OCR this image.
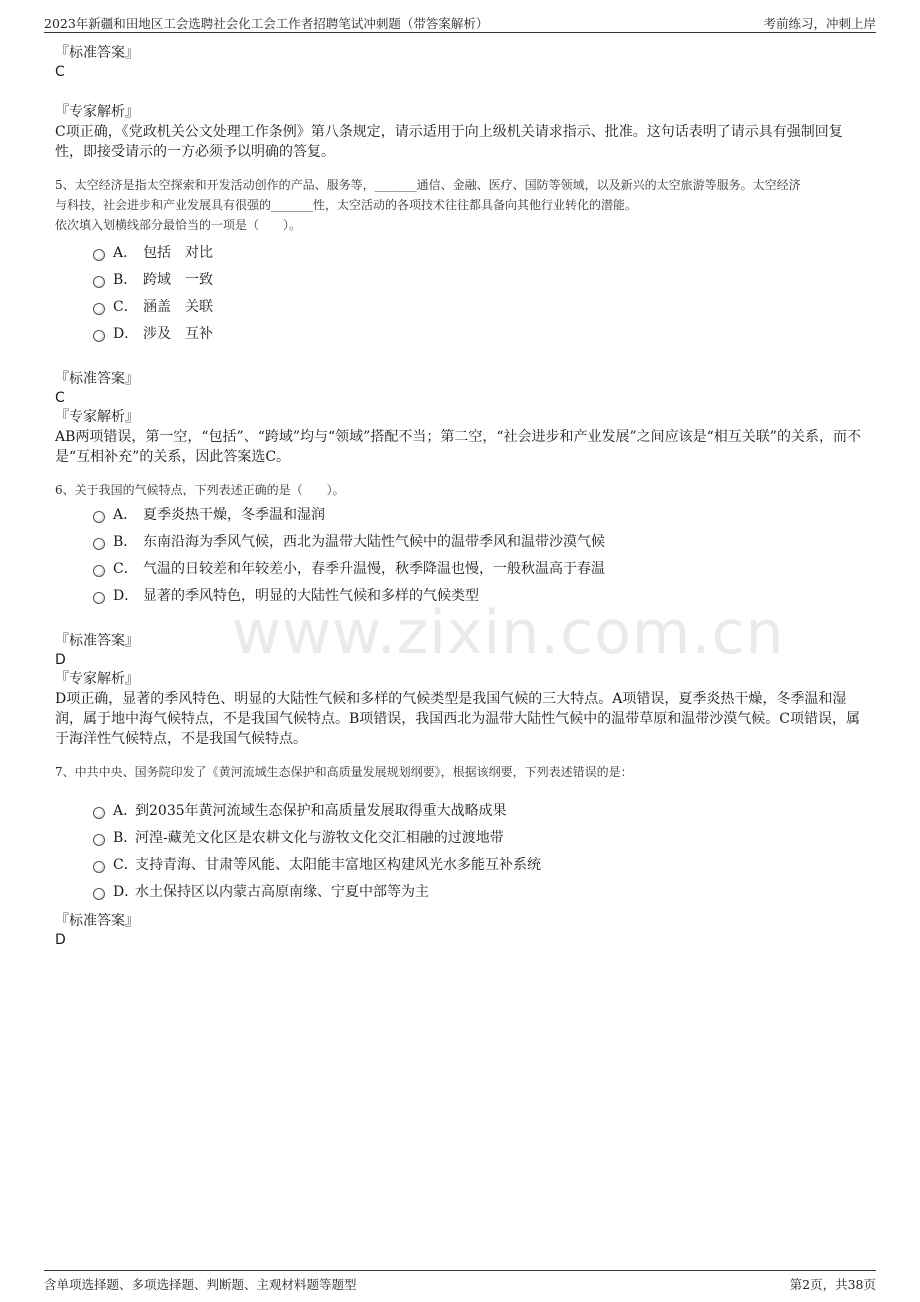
2023年新疆和田地区工会选聘社会化工会工作者招聘笔试冲刺题（带答案解析）	考前练习，冲刺上岸
www.zixin.com.cn
『标准答案』
C
『专家解析』
C项正确，《党政机关公文处理工作条例》第八条规定，请示适用于向上级机关请求指示、批准。这句话表明了请示具有强制回复性，即接受请示的一方必须予以明确的答复。
5、太空经济是指太空探索和开发活动创作的产品、服务等，_______通信、金融、医疗、国防等领域，以及新兴的太空旅游等服务。太空经济
与科技，社会进步和产业发展具有很强的_______性，太空活动的各项技术往往都具备向其他行业转化的潜能。
依次填入划横线部分最恰当的一项是（　　）。
A． 包括　对比
B． 跨域　一致
C． 涵盖　关联
D． 涉及　互补
『标准答案』
C
『专家解析』
AB两项错误，第一空，“包括”、“跨域”均与“领域”搭配不当；第二空，“社会进步和产业发展”之间应该是“相互关联”的关系，而不是“互相补充”的关系，因此答案选C。
6、关于我国的气候特点，下列表述正确的是（　　）。
A． 夏季炎热干燥，冬季温和湿润
B． 东南沿海为季风气候，西北为温带大陆性气候中的温带季风和温带沙漠气候
C． 气温的日较差和年较差小，春季升温慢，秋季降温也慢，一般秋温高于春温
D． 显著的季风特色，明显的大陆性气候和多样的气候类型
『标准答案』
D
『专家解析』
D项正确，显著的季风特色、明显的大陆性气候和多样的气候类型是我国气候的三大特点。A项错误，夏季炎热干燥，冬季温和湿润，属于地中海气候特点，不是我国气候特点。B项错误，我国西北为温带大陆性气候中的温带草原和温带沙漠气候。C项错误，属于海洋性气候特点，不是我国气候特点。
7、中共中央、国务院印发了《黄河流域生态保护和高质量发展规划纲要》，根据该纲要，下列表述错误的是：
A．到2035年黄河流域生态保护和高质量发展取得重大战略成果
B．河湟-藏羌文化区是农耕文化与游牧文化交汇相融的过渡地带
C．支持青海、甘肃等风能、太阳能丰富地区构建风光水多能互补系统
D．水土保持区以内蒙古高原南缘、宁夏中部等为主
『标准答案』
D
含单项选择题、多项选择题、判断题、主观材料题等题型	第2页，共38页
